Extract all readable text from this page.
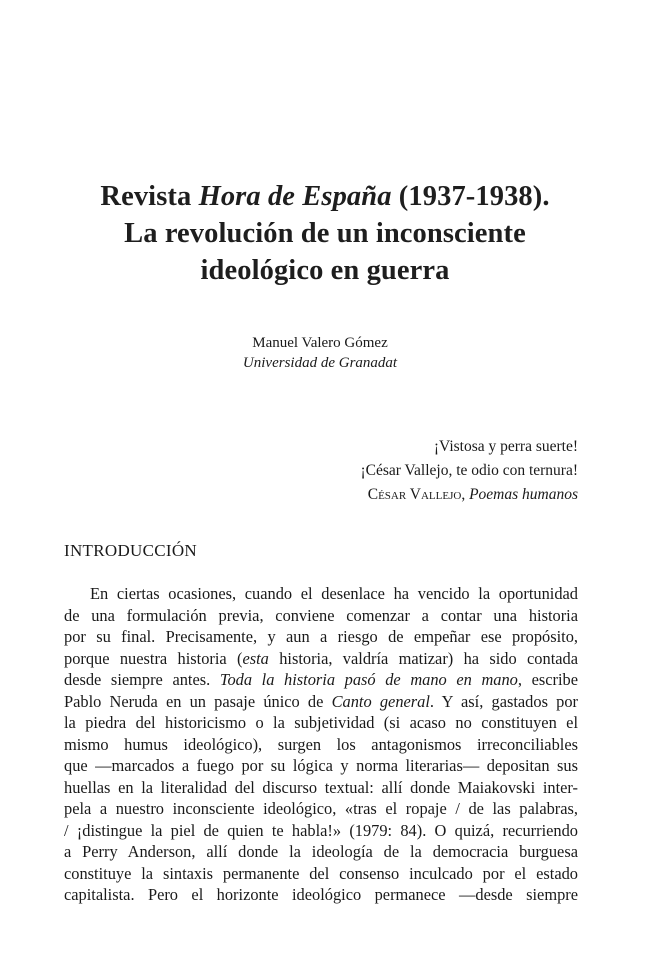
Revista Hora de España (1937-1938).
La revolución de un inconsciente
ideológico en guerra
Manuel Valero Gómez
Universidad de Granadat
¡Vistosa y perra suerte!
¡César Vallejo, te odio con ternura!
César Vallejo, Poemas humanos
INTRODUCCIÓN
En ciertas ocasiones, cuando el desenlace ha vencido la oportunidad
de una formulación previa, conviene comenzar a contar una historia
por su final. Precisamente, y aun a riesgo de empeñar ese propósito,
porque nuestra historia (esta historia, valdría matizar) ha sido contada
desde siempre antes. Toda la historia pasó de mano en mano, escribe
Pablo Neruda en un pasaje único de Canto general. Y así, gastados por
la piedra del historicismo o la subjetividad (si acaso no constituyen el
mismo humus ideológico), surgen los antagonismos irreconciliables
que —marcados a fuego por su lógica y norma literarias— depositan sus
huellas en la literalidad del discurso textual: allí donde Maiakovski inter-
pela a nuestro inconsciente ideológico, «tras el ropaje / de las palabras,
/ ¡distingue la piel de quien te habla!» (1979: 84). O quizá, recurriendo
a Perry Anderson, allí donde la ideología de la democracia burguesa
constituye la sintaxis permanente del consenso inculcado por el estado
capitalista. Pero el horizonte ideológico permanece —desde siempre
